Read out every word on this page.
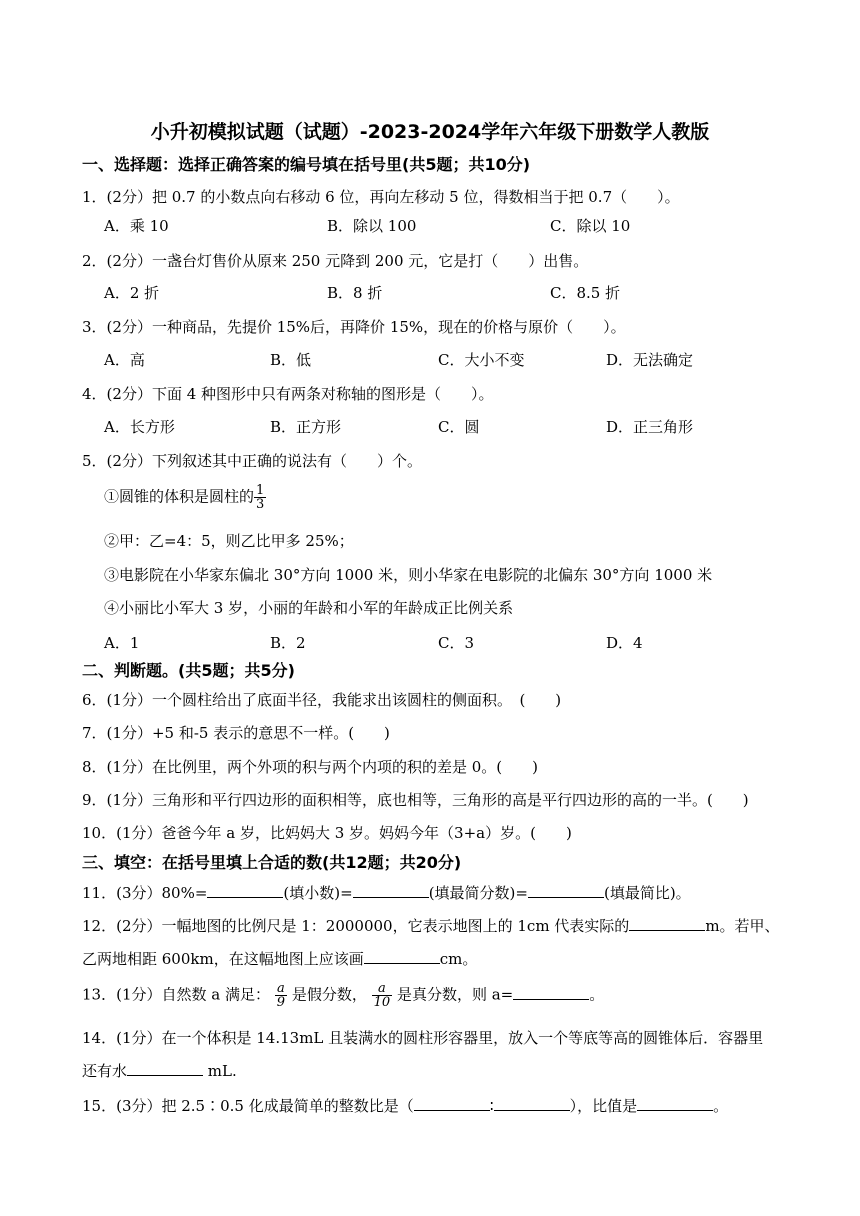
小升初模拟试题（试题）-2023-2024学年六年级下册数学人教版
一、选择题：选择正确答案的编号填在括号里(共5题；共10分)
1．(2分）把 0.7 的小数点向右移动 6 位，再向左移动 5 位，得数相当于把 0.7（　　）。
A．乘 10	B．除以 100	C．除以 10
2．(2分）一盏台灯售价从原来 250 元降到 200 元，它是打（　　）出售。
A．2 折	B．8 折	C．8.5 折
3．(2分）一种商品，先提价 15%后，再降价 15%，现在的价格与原价（　　）。
A．高	B．低	C．大小不变	D．无法确定
4．(2分）下面 4 种图形中只有两条对称轴的图形是（　　）。
A．长方形	B．正方形	C．圆	D．正三角形
5．(2分）下列叙述其中正确的说法有（　　）个。
①圆锥的体积是圆柱的 $\frac{1}{3}$
②甲：乙=4：5，则乙比甲多 25%；
③电影院在小华家东偏北 30°方向 1000 米，则小华家在电影院的北偏东 30°方向 1000 米
④小丽比小军大 3 岁，小丽的年龄和小军的年龄成正比例关系
A．1	B．2	C．3	D．4
二、判断题。(共5题；共5分)
6．(1分）一个圆柱给出了底面半径，我能求出该圆柱的侧面积。　(　　)
7．(1分）+5 和-5 表示的意思不一样。(　　)
8．(1分）在比例里，两个外项的积与两个内项的积的差是 0。(　　)
9．(1分）三角形和平行四边形的面积相等，底也相等，三角形的高是平行四边形的高的一半。(　　)
10．(1分）爸爸今年 a 岁，比妈妈大 3 岁。妈妈今年（3+a）岁。(　　)
三、填空：在括号里填上合适的数(共12题；共20分)
11．(3分）80%=	(填小数)=	(填最简分数)=	(填最简比)。
12．(2分）一幅地图的比例尺是 1：2000000，它表示地图上的 1cm 代表实际的	m。若甲、
乙两地相距 600km，在这幅地图上应该画	cm。
13．(1分）自然数 a 满足： $\frac{a}{9}$ 是假分数， $\frac{a}{10}$ 是真分数，则 a=	。
14．(1分）在一个体积是 14.13mL 且装满水的圆柱形容器里，放入一个等底等高的圆锥体后．容器里
还有水	mL.
15．(3分）把 2.5∶0.5 化成最简单的整数比是（	∶	），比值是	。
